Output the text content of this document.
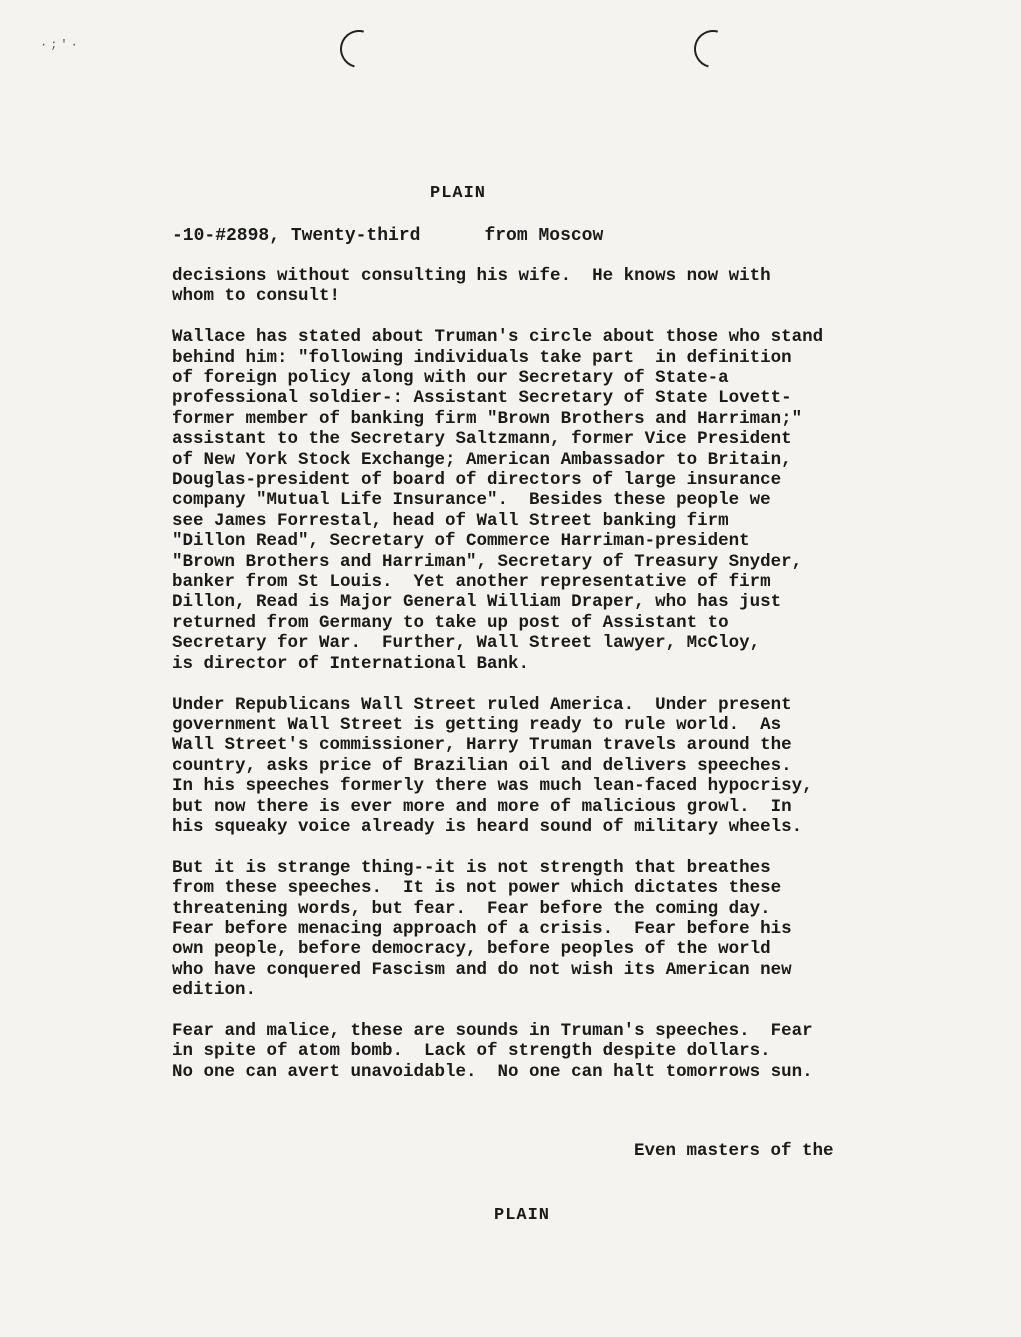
·;'·
PLAIN
-10-#2898, Twenty-third	from Moscow
decisions without consulting his wife.  He knows now with
whom to consult!
Wallace has stated about Truman's circle about those who stand
behind him: "following individuals take part  in definition
of foreign policy along with our Secretary of State-a
professional soldier-: Assistant Secretary of State Lovett-
former member of banking firm "Brown Brothers and Harriman;"
assistant to the Secretary Saltzmann, former Vice President
of New York Stock Exchange; American Ambassador to Britain,
Douglas-president of board of directors of large insurance
company "Mutual Life Insurance".  Besides these people we
see James Forrestal, head of Wall Street banking firm
"Dillon Read", Secretary of Commerce Harriman-president
"Brown Brothers and Harriman", Secretary of Treasury Snyder,
banker from St Louis.  Yet another representative of firm
Dillon, Read is Major General William Draper, who has just
returned from Germany to take up post of Assistant to
Secretary for War.  Further, Wall Street lawyer, McCloy,
is director of International Bank.
Under Republicans Wall Street ruled America.  Under present
government Wall Street is getting ready to rule world.  As
Wall Street's commissioner, Harry Truman travels around the
country, asks price of Brazilian oil and delivers speeches.
In his speeches formerly there was much lean-faced hypocrisy,
but now there is ever more and more of malicious growl.  In
his squeaky voice already is heard sound of military wheels.
But it is strange thing--it is not strength that breathes
from these speeches.  It is not power which dictates these
threatening words, but fear.  Fear before the coming day.
Fear before menacing approach of a crisis.  Fear before his
own people, before democracy, before peoples of the world
who have conquered Fascism and do not wish its American new
edition.
Fear and malice, these are sounds in Truman's speeches.  Fear
in spite of atom bomb.  Lack of strength despite dollars.
No one can avert unavoidable.  No one can halt tomorrows sun.
Even masters of the
PLAIN
